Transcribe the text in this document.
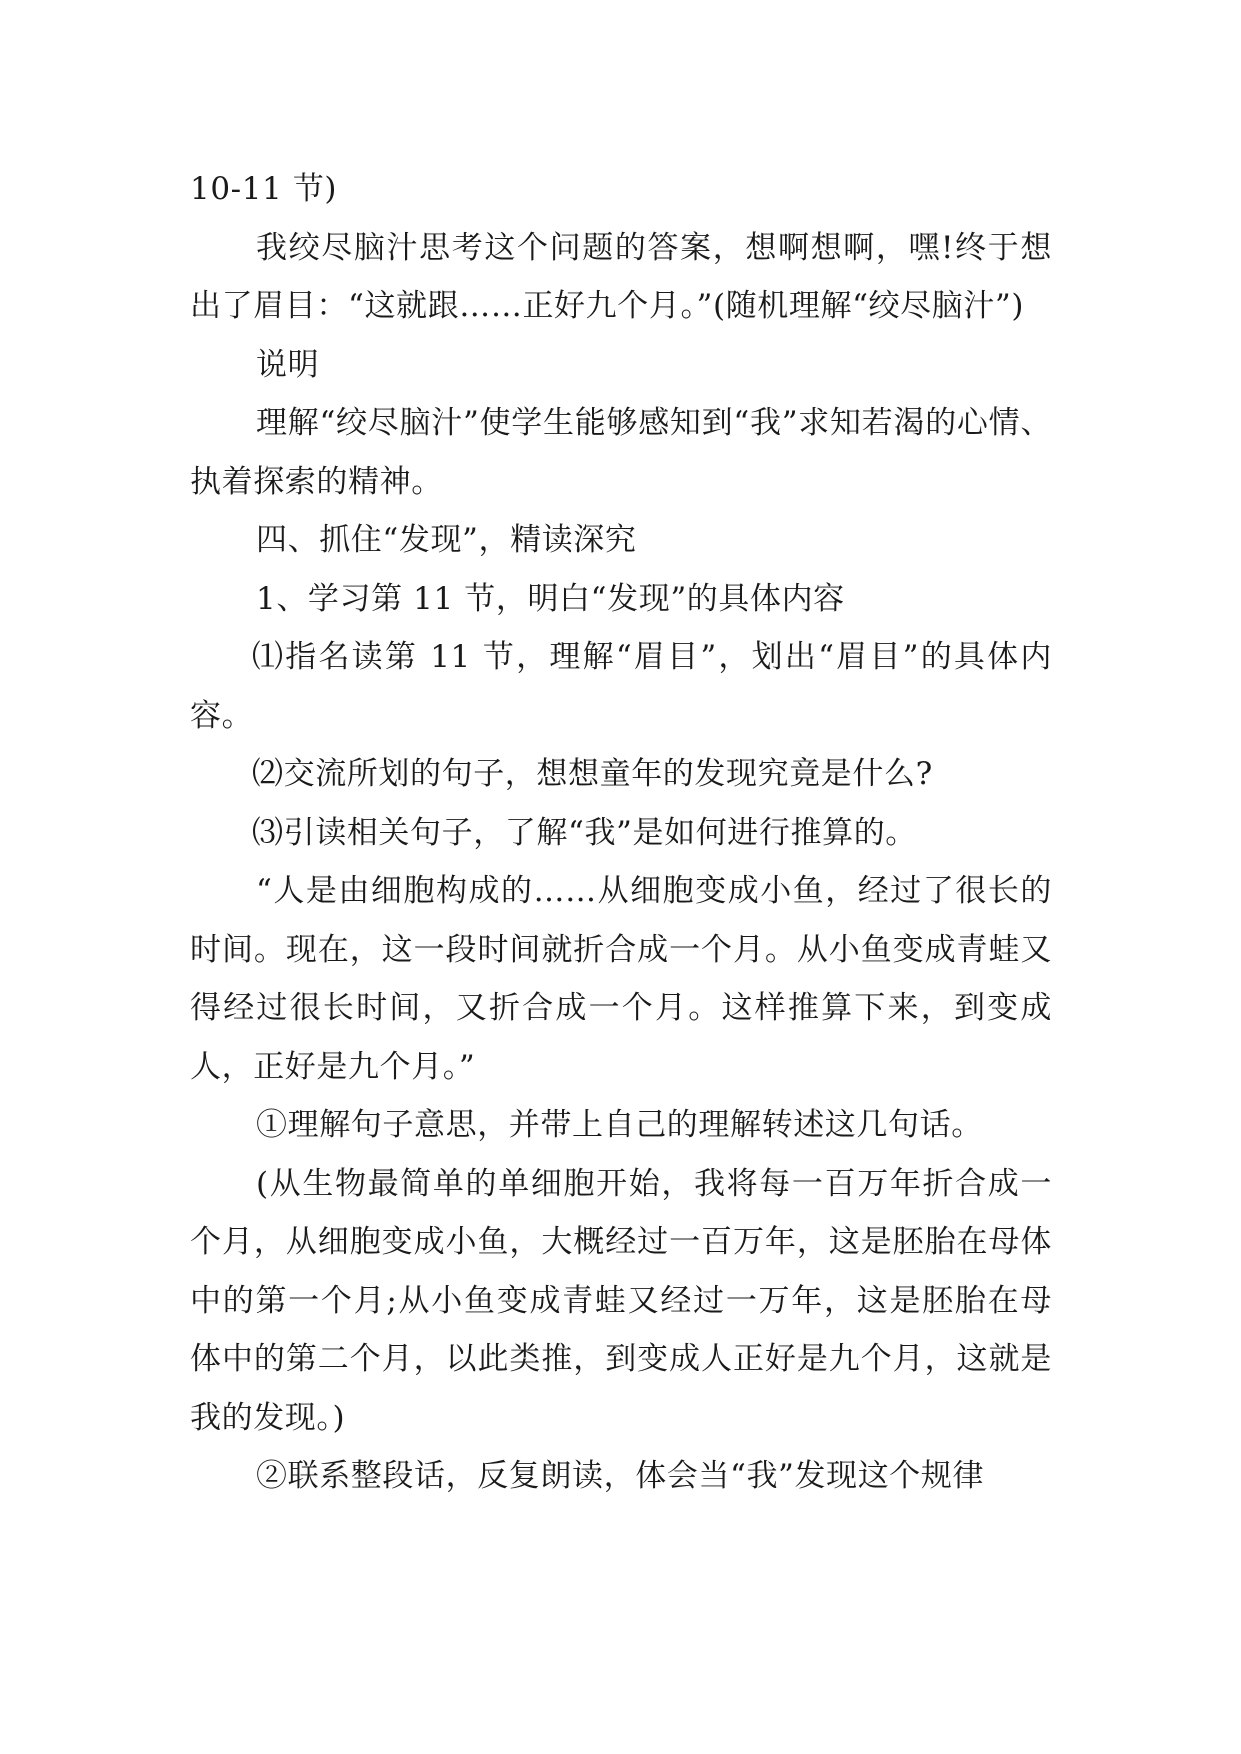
10-11 节)

我绞尽脑汁思考这个问题的答案，想啊想啊，嘿!终于想出了眉目：“这就跟……正好九个月。”(随机理解“绞尽脑汁”)

说明

理解“绞尽脑汁”使学生能够感知到“我”求知若渴的心情、执着探索的精神。

四、抓住“发现”，精读深究

1、学习第 11 节，明白“发现”的具体内容

⑴指名读第 11 节，理解“眉目”，划出“眉目”的具体内容。

⑵交流所划的句子，想想童年的发现究竟是什么?

⑶引读相关句子，了解“我”是如何进行推算的。

“人是由细胞构成的……从细胞变成小鱼，经过了很长的时间。现在，这一段时间就折合成一个月。从小鱼变成青蛙又得经过很长时间，又折合成一个月。这样推算下来，到变成人，正好是九个月。”

①理解句子意思，并带上自己的理解转述这几句话。

(从生物最简单的单细胞开始，我将每一百万年折合成一个月，从细胞变成小鱼，大概经过一百万年，这是胚胎在母体中的第一个月;从小鱼变成青蛙又经过一万年，这是胚胎在母体中的第二个月，以此类推，到变成人正好是九个月，这就是我的发现。)

②联系整段话，反复朗读，体会当“我”发现这个规律
